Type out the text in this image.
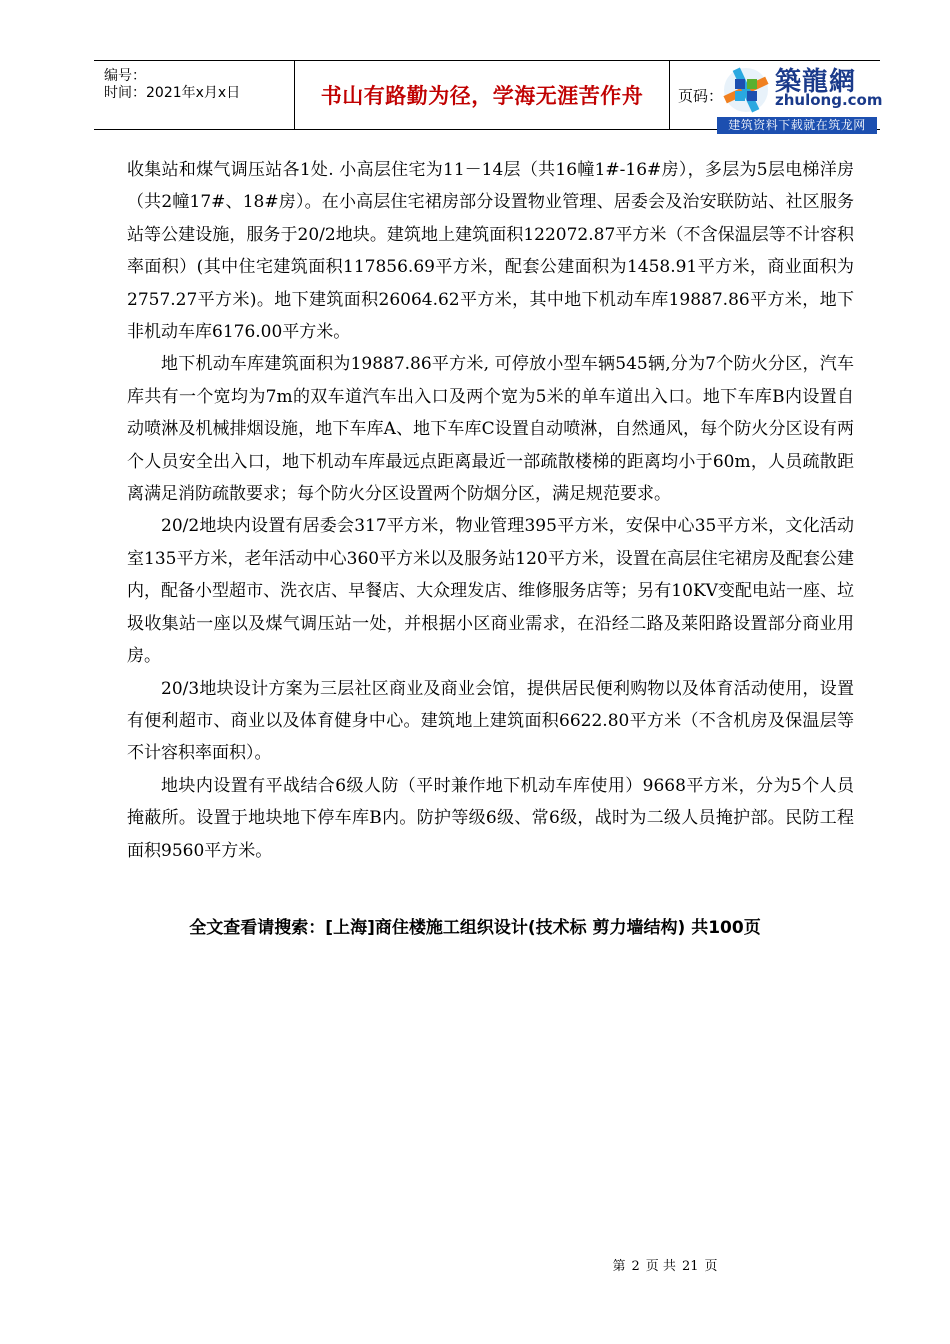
编号：
时间：2021年x月x日	书山有路勤为径，学海无涯苦作舟	页码： 築龍網
zhulong.com
建筑资料下载就在筑龙网

收集站和煤气调压站各1处. 小高层住宅为11－14层（共16幢1#-16#房），多层为5层电梯洋房（共2幢17#、18#房）。在小高层住宅裙房部分设置物业管理、居委会及治安联防站、社区服务站等公建设施，服务于20/2地块。建筑地上建筑面积122072.87平方米（不含保温层等不计容积率面积）(其中住宅建筑面积117856.69平方米，配套公建面积为1458.91平方米，商业面积为2757.27平方米)。地下建筑面积26064.62平方米，其中地下机动车库19887.86平方米，地下非机动车库6176.00平方米。

地下机动车库建筑面积为19887.86平方米, 可停放小型车辆545辆,分为7个防火分区，汽车库共有一个宽均为7m的双车道汽车出入口及两个宽为5米的单车道出入口。地下车库B内设置自动喷淋及机械排烟设施，地下车库A、地下车库C设置自动喷淋，自然通风，每个防火分区设有两个人员安全出入口，地下机动车库最远点距离最近一部疏散楼梯的距离均小于60m，人员疏散距离满足消防疏散要求；每个防火分区设置两个防烟分区，满足规范要求。

20/2地块内设置有居委会317平方米，物业管理395平方米，安保中心35平方米，文化活动室135平方米，老年活动中心360平方米以及服务站120平方米，设置在高层住宅裙房及配套公建内，配备小型超市、洗衣店、早餐店、大众理发店、维修服务店等；另有10KV变配电站一座、垃圾收集站一座以及煤气调压站一处，并根据小区商业需求，在沿经二路及莱阳路设置部分商业用房。

20/3地块设计方案为三层社区商业及商业会馆，提供居民便利购物以及体育活动使用，设置有便利超市、商业以及体育健身中心。建筑地上建筑面积6622.80平方米（不含机房及保温层等不计容积率面积）。

地块内设置有平战结合6级人防（平时兼作地下机动车库使用）9668平方米，分为5个人员掩蔽所。设置于地块地下停车库B内。防护等级6级、常6级，战时为二级人员掩护部。民防工程面积9560平方米。

全文查看请搜索：[上海]商住楼施工组织设计(技术标 剪力墙结构) 共100页
第 2 页 共 21 页
